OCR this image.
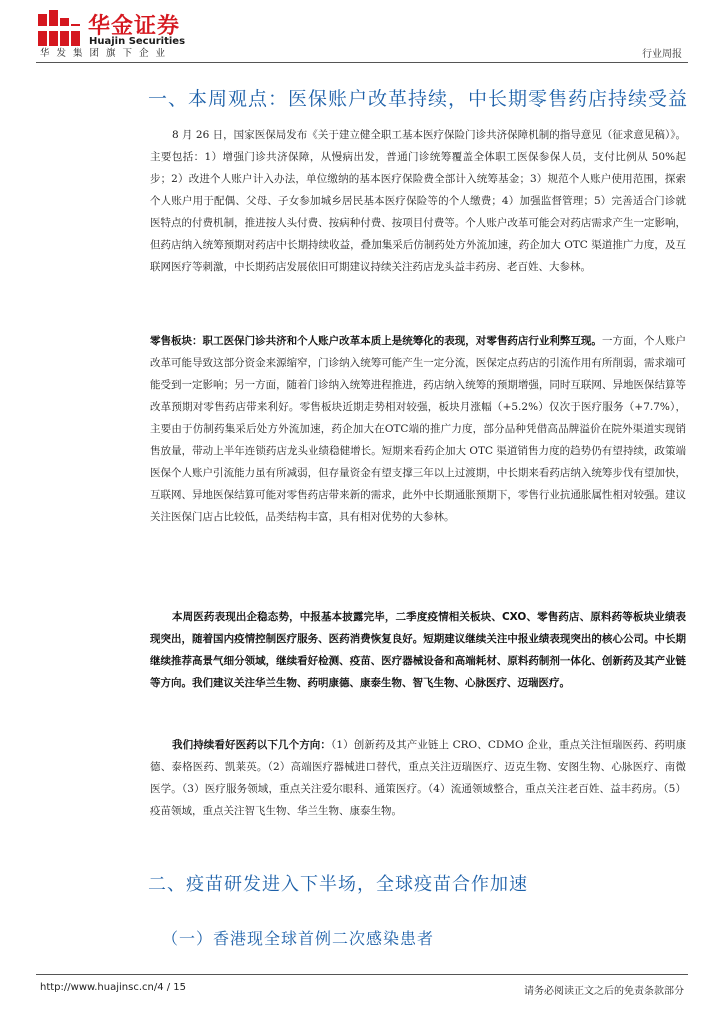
华金证券
Huajin Securities
华发集团旗下企业	行业周报
一、本周观点：医保账户改革持续，中长期零售药店持续受益
8 月 26 日，国家医保局发布《关于建立健全职工基本医疗保险门诊共济保障机制的指导意见（征求意见稿）》。主要包括：1）增强门诊共济保障，从慢病出发，普通门诊统筹覆盖全体职工医保参保人员，支付比例从 50%起步；2）改进个人账户计入办法，单位缴纳的基本医疗保险费全部计入统筹基金；3）规范个人账户使用范围，探索个人账户用于配偶、父母、子女参加城乡居民基本医疗保险等的个人缴费；4）加强监督管理；5）完善适合门诊就医特点的付费机制，推进按人头付费、按病种付费、按项目付费等。个人账户改革可能会对药店需求产生一定影响，但药店纳入统筹预期对药店中长期持续收益，叠加集采后仿制药处方外流加速，药企加大 OTC 渠道推广力度，及互联网医疗等刺激，中长期药店发展依旧可期建议持续关注药店龙头益丰药房、老百姓、大参林。
零售板块：职工医保门诊共济和个人账户改革本质上是统筹化的表现，对零售药店行业利弊互现。一方面，个人账户改革可能导致这部分资金来源缩窄，门诊纳入统筹可能产生一定分流，医保定点药店的引流作用有所削弱，需求端可能受到一定影响；另一方面，随着门诊纳入统筹进程推进，药店纳入统筹的预期增强，同时互联网、异地医保结算等改革预期对零售药店带来利好。零售板块近期走势相对较强，板块月涨幅（+5.2%）仅次于医疗服务（+7.7%），主要由于仿制药集采后处方外流加速，药企加大在OTC端的推广力度，部分品种凭借高品牌溢价在院外渠道实现销售放量，带动上半年连锁药店龙头业绩稳健增长。短期来看药企加大 OTC 渠道销售力度的趋势仍有望持续，政策端医保个人账户引流能力虽有所减弱，但存量资金有望支撑三年以上过渡期，中长期来看药店纳入统筹步伐有望加快，互联网、异地医保结算可能对零售药店带来新的需求，此外中长期通胀预期下，零售行业抗通胀属性相对较强。建议关注医保门店占比较低，品类结构丰富，具有相对优势的大参林。
本周医药表现出企稳态势，中报基本披露完毕，二季度疫情相关板块、CXO、零售药店、原料药等板块业绩表现突出，随着国内疫情控制医疗服务、医药消费恢复良好。短期建议继续关注中报业绩表现突出的核心公司。中长期继续推荐高景气细分领域，继续看好检测、疫苗、医疗器械设备和高端耗材、原料药制剂一体化、创新药及其产业链等方向。我们建议关注华兰生物、药明康德、康泰生物、智飞生物、心脉医疗、迈瑞医疗。
我们持续看好医药以下几个方向：（1）创新药及其产业链上 CRO、CDMO 企业，重点关注恒瑞医药、药明康德、泰格医药、凯莱英。（2）高端医疗器械进口替代，重点关注迈瑞医疗、迈克生物、安图生物、心脉医疗、南微医学。（3）医疗服务领域，重点关注爱尔眼科、通策医疗。（4）流通领域整合，重点关注老百姓、益丰药房。（5）疫苗领域，重点关注智飞生物、华兰生物、康泰生物。
二、疫苗研发进入下半场，全球疫苗合作加速
（一）香港现全球首例二次感染患者
http://www.huajinsc.cn/4 / 15	请务必阅读正文之后的免责条款部分
